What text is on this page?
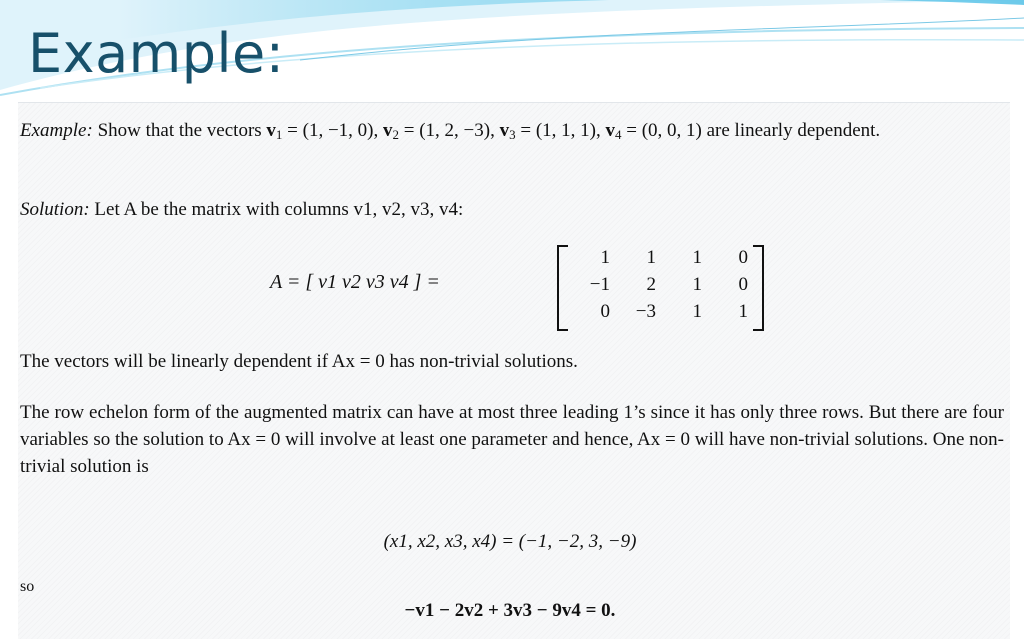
Example:

Example: Show that the vectors $v_1 = (1$, −1, 0), $v_2 = (1$, 2, −3), $v_3 = (1$, 1, 1), $v_4 = (0$, 0, 1) are linearly dependent.

Solution: Let A be the matrix with columns v1, v2, v3, v4:

A = [ v1 v2 v3 v4 ] =
1	1	1	0
−1	2	1	0
0	−3	1	1

The vectors will be linearly dependent if Ax = 0 has non-trivial solutions.

The row echelon form of the augmented matrix can have at most three leading 1’s since it has only three rows. But there are four variables so the solution to Ax = 0 will involve at least one parameter and hence, Ax = 0 will have non-trivial solutions. One non-trivial solution is

(x1, x2, x3, x4) = (−1, −2, 3, −9)
so
−v1 − 2v2 + 3v3 − 9v4 = 0.
